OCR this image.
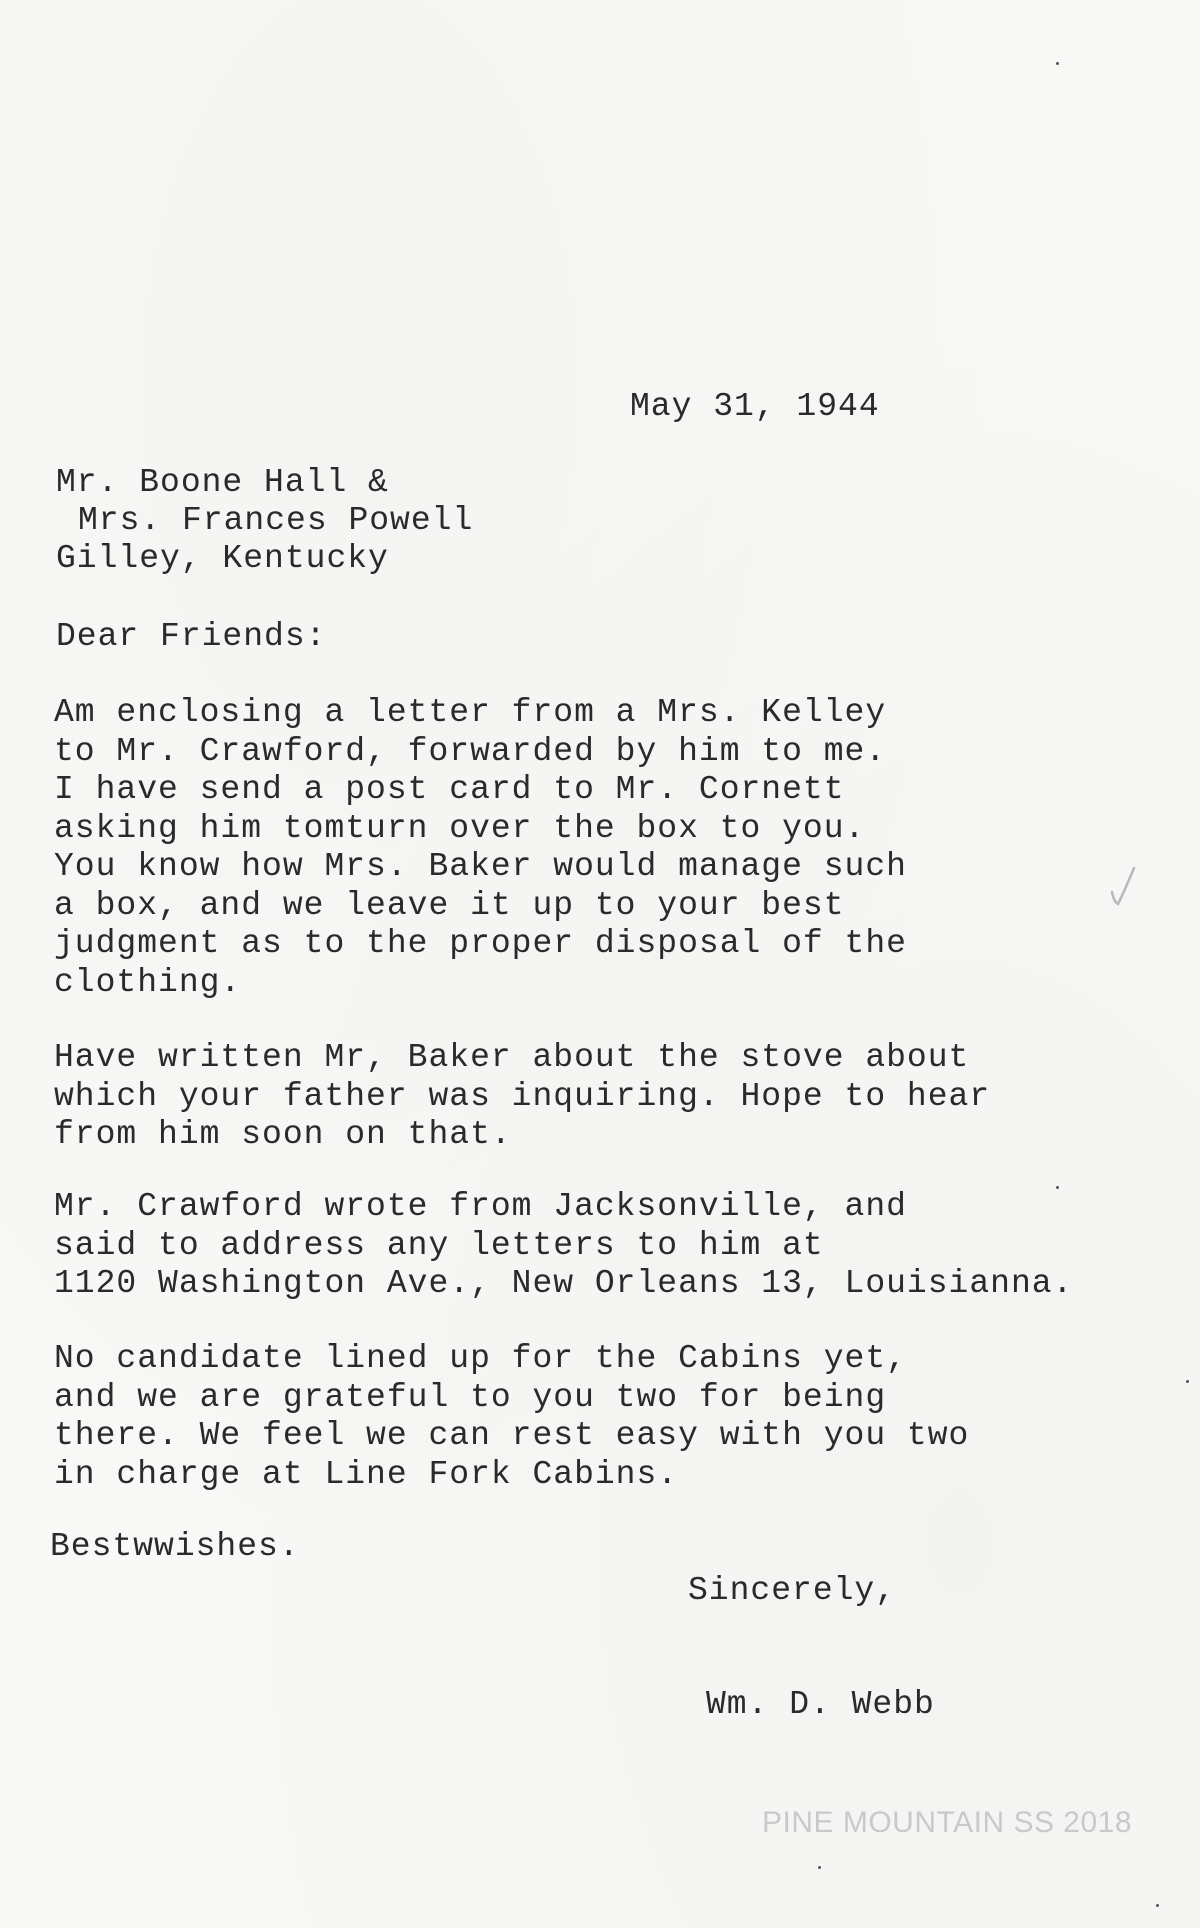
May 31, 1944
Mr. Boone Hall &
Mrs. Frances Powell
Gilley, Kentucky
Dear Friends:
Am enclosing a letter from a Mrs. Kelley
to Mr. Crawford, forwarded by him to me.
I have send a post card to Mr. Cornett
asking him tomturn over the box to you.
You know how Mrs. Baker would manage such
a box, and we leave it up to your best
judgment as to the proper disposal of the
clothing.
Have written Mr, Baker about the stove about
which your father was inquiring. Hope to hear
from him soon on that.
Mr. Crawford wrote from Jacksonville, and
said to address any letters to him at
1120 Washington Ave., New Orleans 13, Louisianna.
No candidate lined up for the Cabins yet,
and we are grateful to you two for being
there. We feel we can rest easy with you two
in charge at Line Fork Cabins.
Bestwwishes.
Sincerely,
Wm. D. Webb
PINE MOUNTAIN SS 2018
